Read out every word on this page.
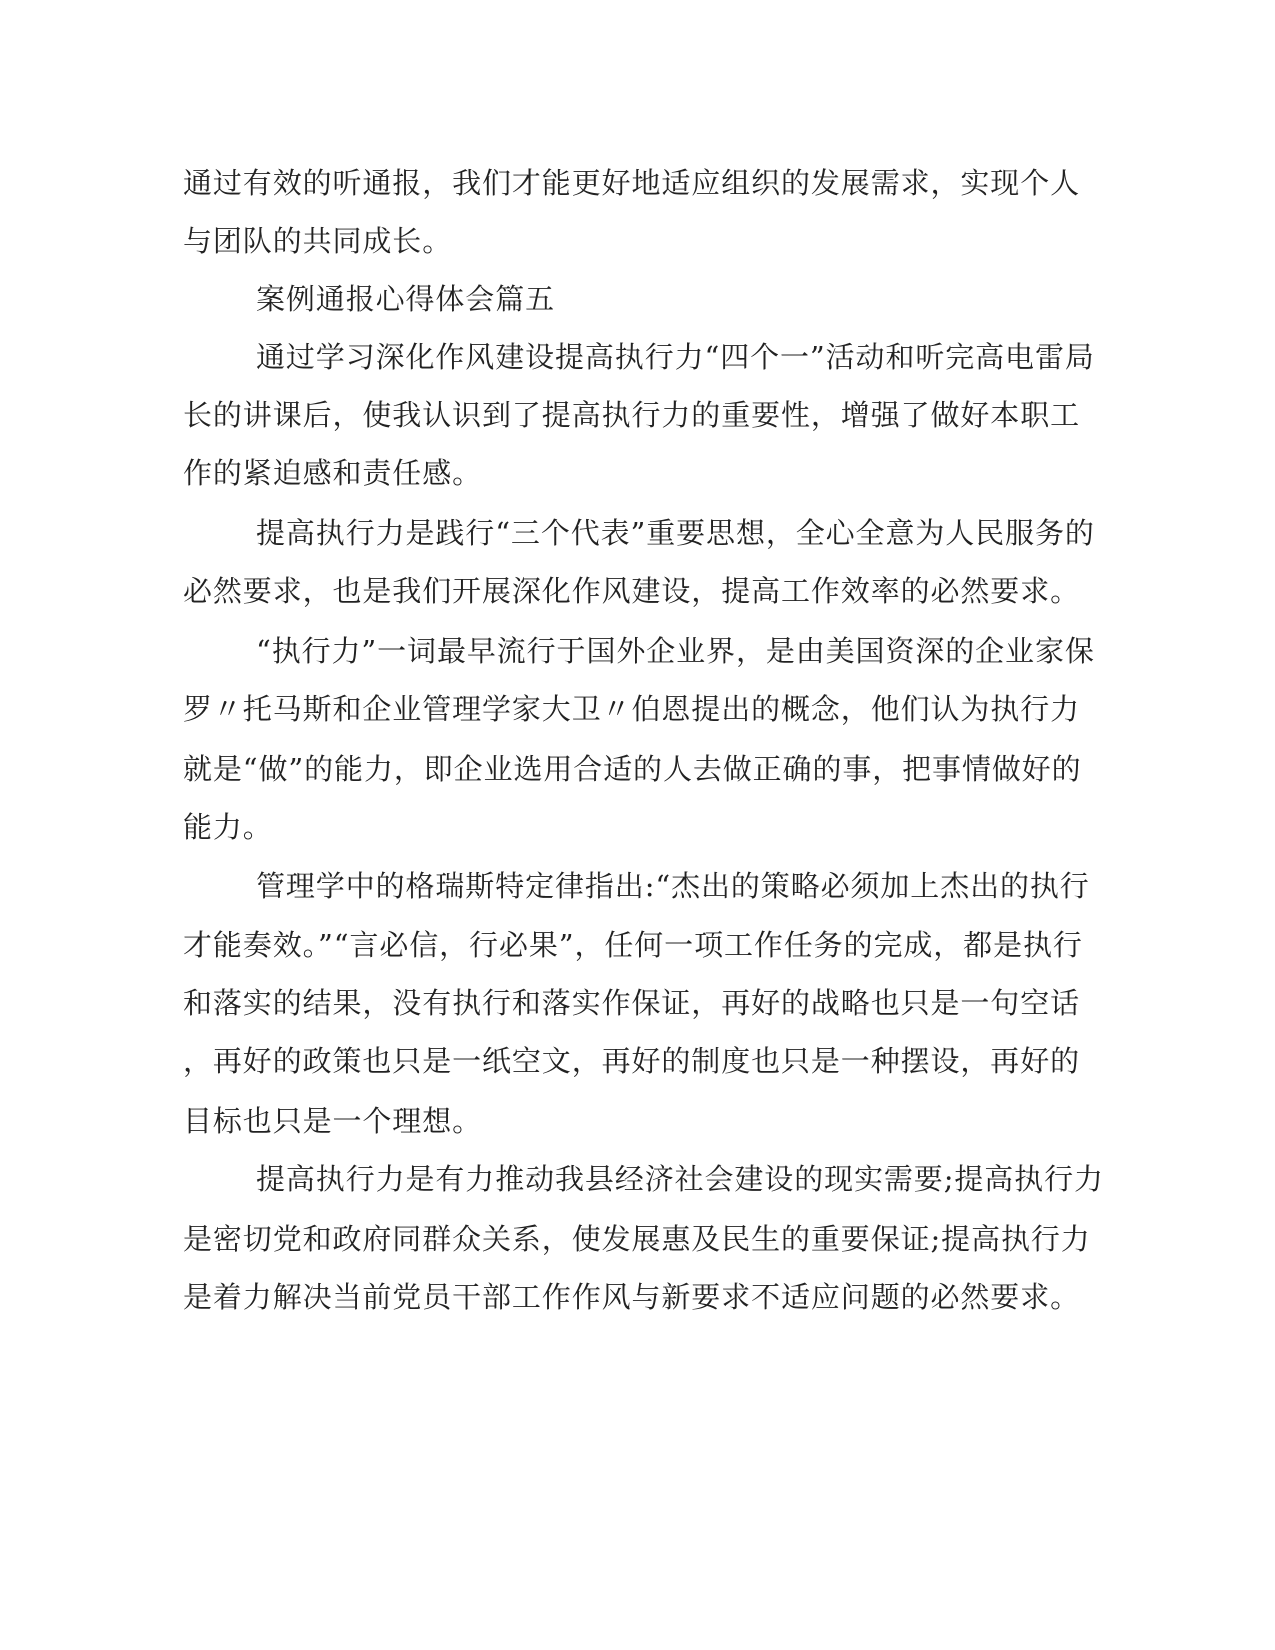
通过有效的听通报，我们才能更好地适应组织的发展需求，实现个人
与团队的共同成长。
案例通报心得体会篇五
通过学习深化作风建设提高执行力“四个一”活动和听完高电雷局
长的讲课后，使我认识到了提高执行力的重要性，增强了做好本职工
作的紧迫感和责任感。
提高执行力是践行“三个代表”重要思想，全心全意为人民服务的
必然要求，也是我们开展深化作风建设，提高工作效率的必然要求。
“执行力”一词最早流行于国外企业界，是由美国资深的企业家保
罗〃托马斯和企业管理学家大卫〃伯恩提出的概念，他们认为执行力
就是“做”的能力，即企业选用合适的人去做正确的事，把事情做好的
能力。
管理学中的格瑞斯特定律指出:“杰出的策略必须加上杰出的执行
才能奏效。”“言必信，行必果”，任何一项工作任务的完成，都是执行
和落实的结果，没有执行和落实作保证，再好的战略也只是一句空话
，再好的政策也只是一纸空文，再好的制度也只是一种摆设，再好的
目标也只是一个理想。
提高执行力是有力推动我县经济社会建设的现实需要;提高执行力
是密切党和政府同群众关系，使发展惠及民生的重要保证;提高执行力
是着力解决当前党员干部工作作风与新要求不适应问题的必然要求。
